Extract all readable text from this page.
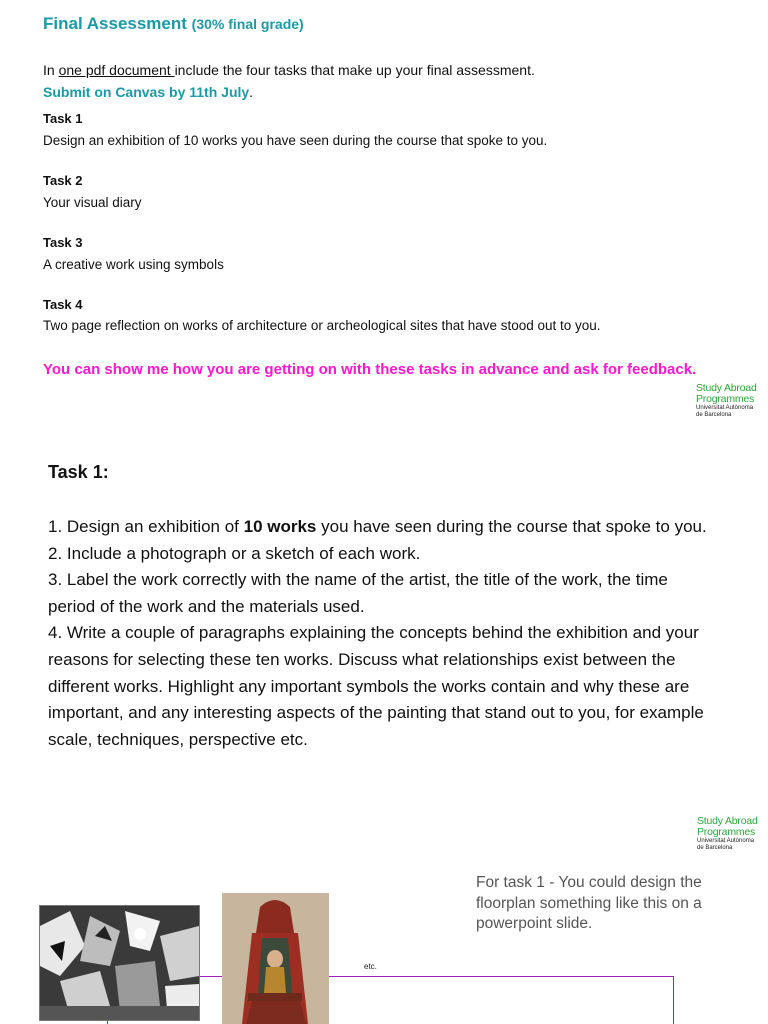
Final Assessment (30% final grade)
In one pdf document include the four tasks that make up your final assessment.
Submit on Canvas by 11th July.
Task 1
Design an exhibition of 10 works you have seen during the course that spoke to you.
Task 2
Your visual diary
Task 3
A creative work using symbols
Task 4
Two page reflection on works of architecture or archeological sites that have stood out to you.
You can show me how you are getting on with these tasks in advance and ask for feedback.
Study Abroad
Programmes
Universitat Autònoma
de Barcelona
Task 1:

1. Design an exhibition of 10 works you have seen during the course that spoke to you.

2. Include a photograph or a sketch of each work.

3. Label the work correctly with the name of the artist, the title of the work, the time period of the work and the materials used.

4. Write a couple of paragraphs explaining the concepts behind the exhibition and your reasons for selecting these ten works. Discuss what relationships exist between the different works. Highlight any important symbols the works contain and why these are important, and any interesting aspects of the painting that stand out to you, for example scale, techniques, perspective etc.

Study Abroad
Programmes
Universitat Autònoma
de Barcelona
For task 1 - You could design the floorplan something like this on a powerpoint slide.
etc.
